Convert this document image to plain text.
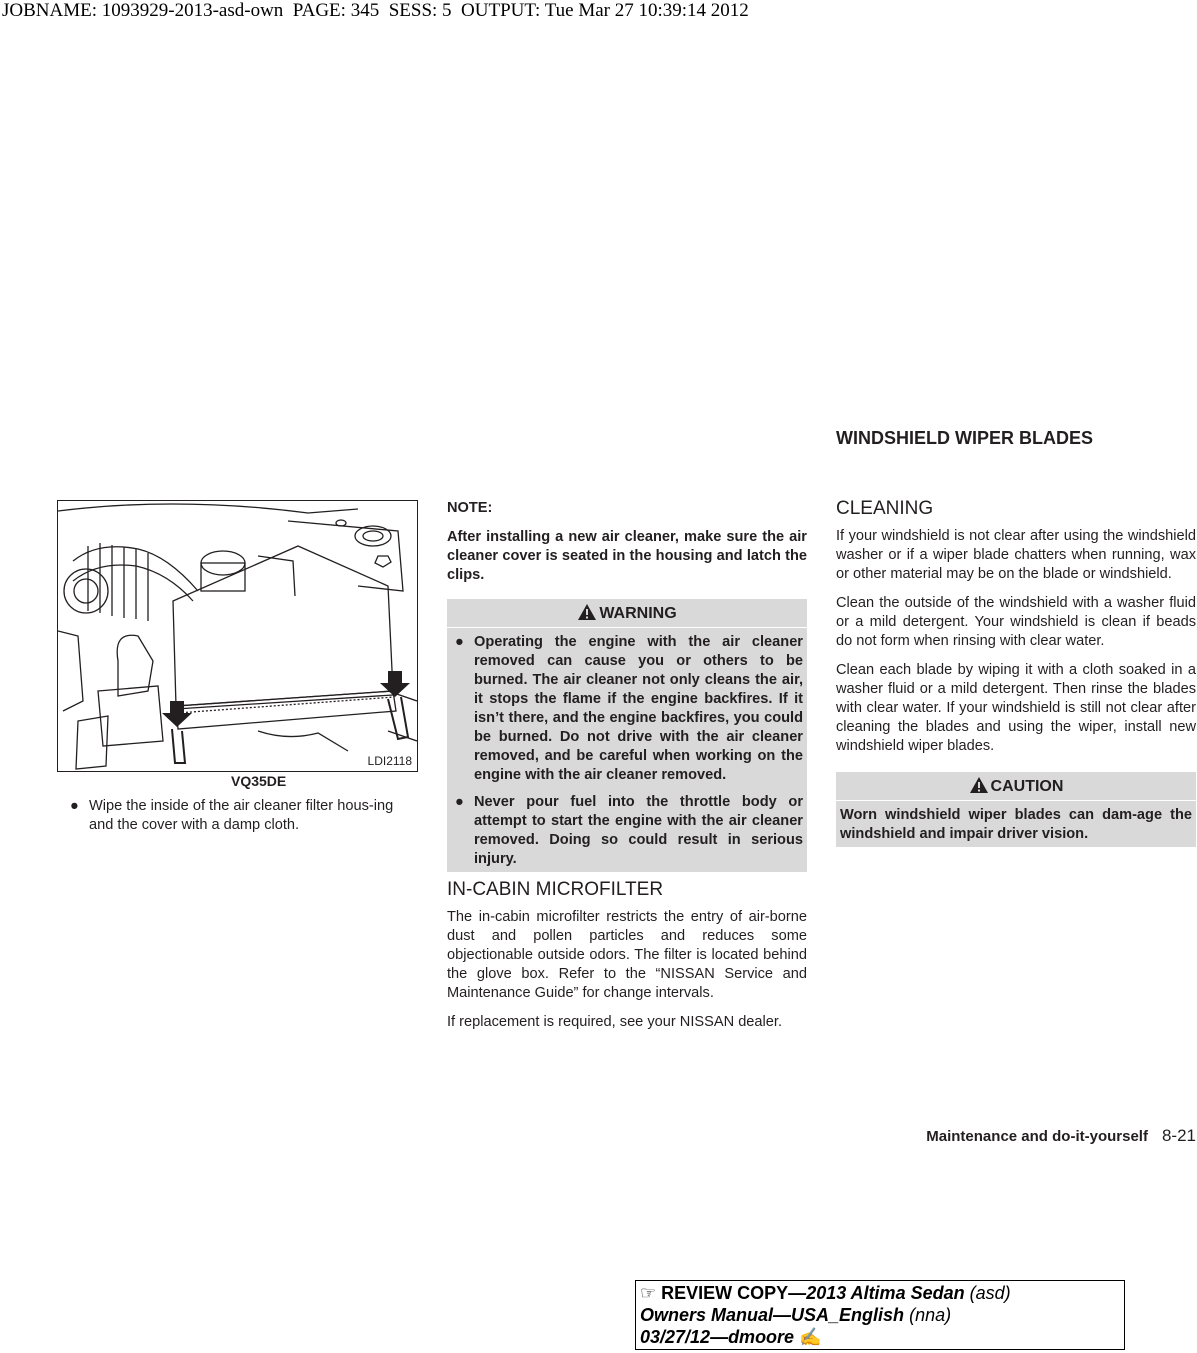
JOBNAME: 1093929-2013-asd-own PAGE: 345 SESS: 5 OUTPUT: Tue Mar 27 10:39:14 2012
WINDSHIELD WIPER BLADES
LDI2118
VQ35DE
● Wipe the inside of the air cleaner filter hous-ing and the cover with a damp cloth.
NOTE:

After installing a new air cleaner, make sure the air cleaner cover is seated in the housing and latch the clips.

WARNING
● Operating the engine with the air cleaner removed can cause you or others to be burned. The air cleaner not only cleans the air, it stops the flame if the engine backfires. If it isn’t there, and the engine backfires, you could be burned. Do not drive with the air cleaner removed, and be careful when working on the engine with the air cleaner removed.
● Never pour fuel into the throttle body or attempt to start the engine with the air cleaner removed. Doing so could result in serious injury.
IN-CABIN MICROFILTER

The in-cabin microfilter restricts the entry of air-borne dust and pollen particles and reduces some objectionable outside odors. The filter is located behind the glove box. Refer to the “NISSAN Service and Maintenance Guide” for change intervals.

If replacement is required, see your NISSAN dealer.

CLEANING

If your windshield is not clear after using the windshield washer or if a wiper blade chatters when running, wax or other material may be on the blade or windshield.

Clean the outside of the windshield with a washer fluid or a mild detergent. Your windshield is clean if beads do not form when rinsing with clear water.

Clean each blade by wiping it with a cloth soaked in a washer fluid or a mild detergent. Then rinse the blades with clear water. If your windshield is still not clear after cleaning the blades and using the wiper, install new windshield wiper blades.

CAUTION
Worn windshield wiper blades can dam-age the windshield and impair driver vision.
Maintenance and do-it-yourself 8-21
☞ REVIEW COPY—2013 Altima Sedan (asd)
Owners Manual—USA_English (nna)
03/27/12—dmoore ✍
